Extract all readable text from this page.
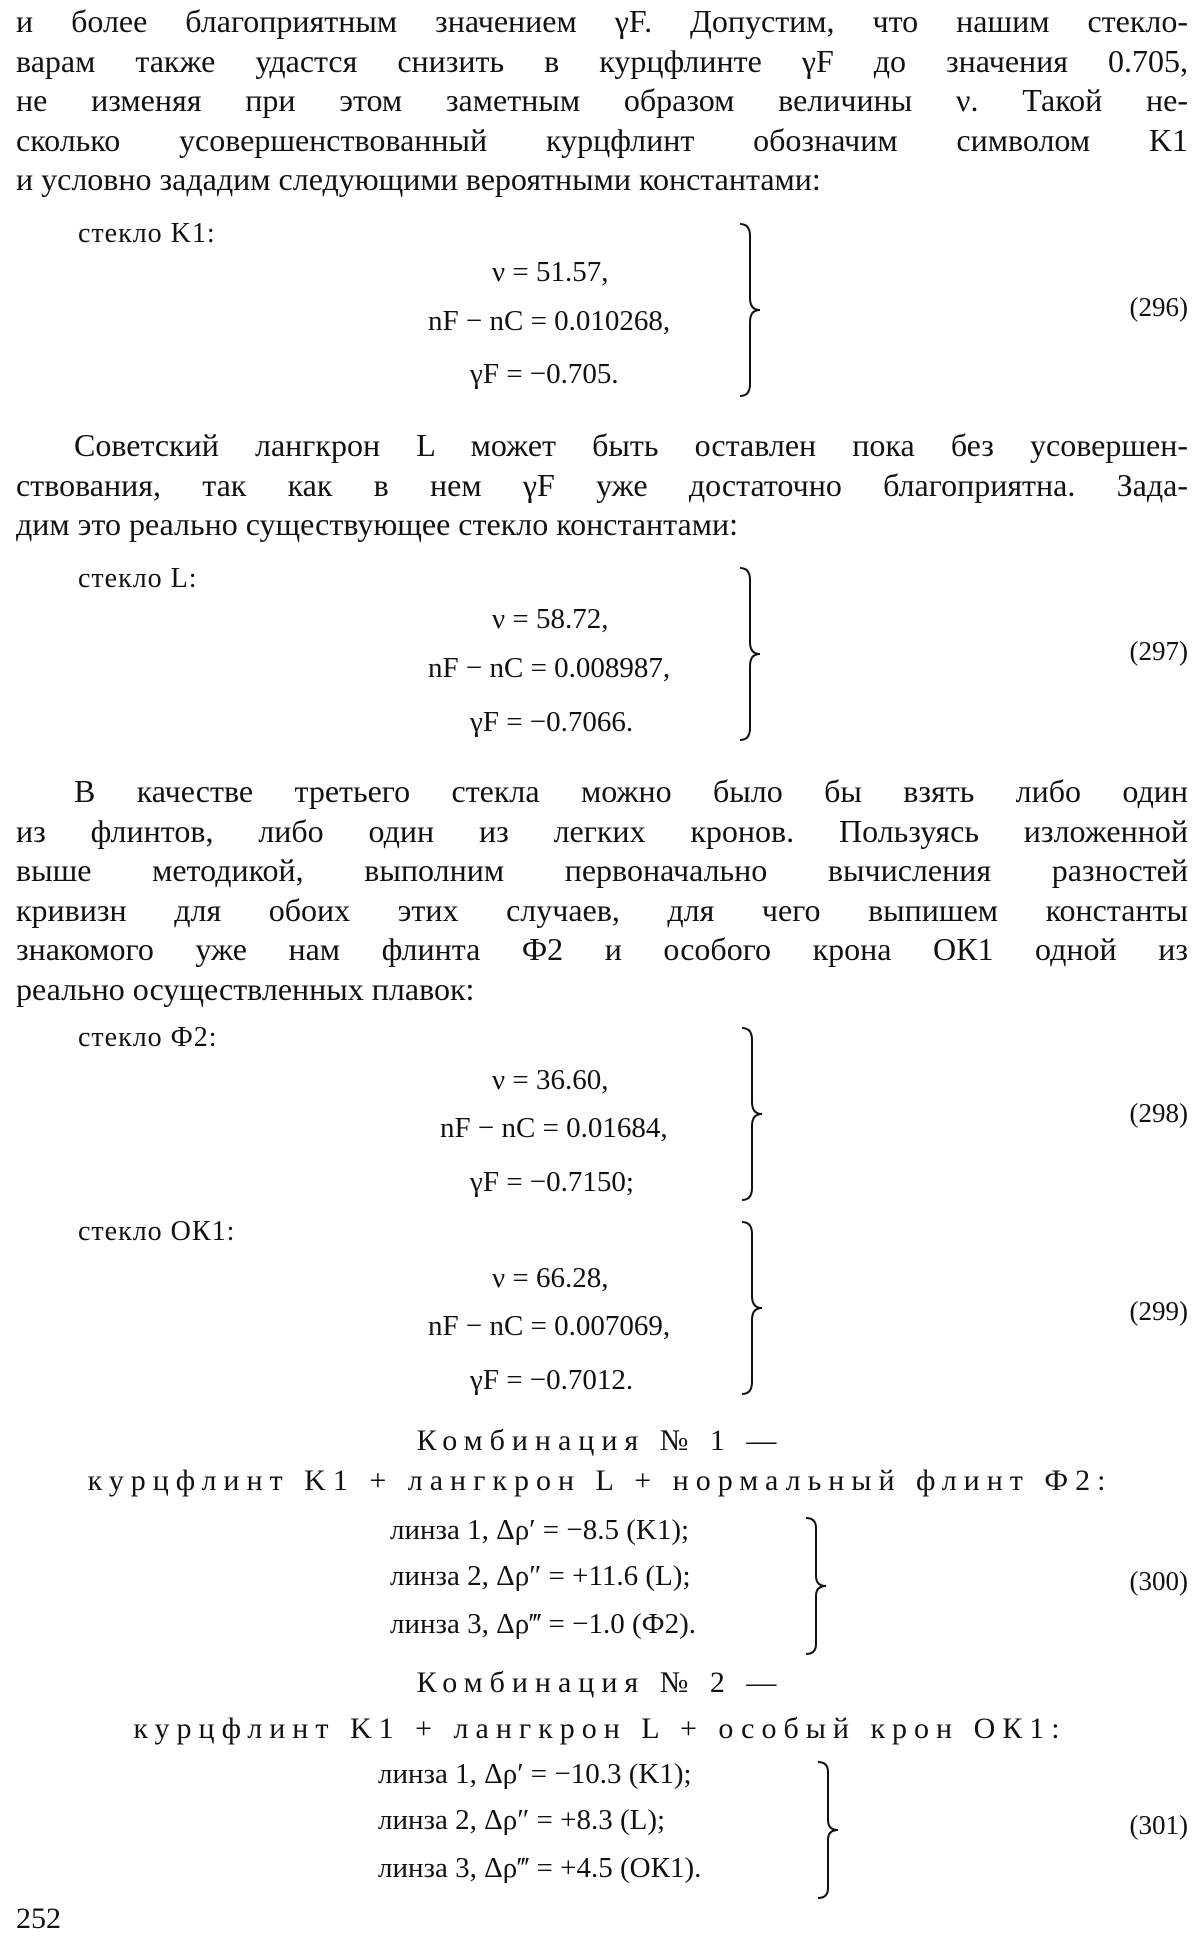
и более благоприятным значением γF. Допустим, что нашим стекло-
варам также удастся снизить в курцфлинте γF до значения 0.705,
не изменяя при этом заметным образом величины ν. Такой не-
сколько усовершенствованный курцфлинт обозначим символом K1
и условно зададим следующими вероятными константами:
стекло K1:
ν = 51.57,
nF − nC = 0.010268,
γF = −0.705.
(296)
Советский лангкрон L может быть оставлен пока без усовершен-
ствования, так как в нем γF уже достаточно благоприятна. Зада-
дим это реально существующее стекло константами:
стекло L:
ν = 58.72,
nF − nC = 0.008987,
γF = −0.7066.
(297)
В качестве третьего стекла можно было бы взять либо один
из флинтов, либо один из легких кронов. Пользуясь изложенной
выше методикой, выполним первоначально вычисления разностей
кривизн для обоих этих случаев, для чего выпишем константы
знакомого уже нам флинта Ф2 и особого крона ОК1 одной из
реально осуществленных плавок:
стекло Ф2:
ν = 36.60,
nF − nC = 0.01684,
γF = −0.7150;
(298)
стекло ОК1:
ν = 66.28,
nF − nC = 0.007069,
γF = −0.7012.
(299)
Комбинация № 1 —
курцфлинт K1 + лангкрон L + нормальный флинт Ф2:
линза 1, Δρ′ = −8.5 (K1);
линза 2, Δρ″ = +11.6 (L);
линза 3, Δρ‴ = −1.0 (Ф2).
(300)
Комбинация № 2 —
курцфлинт K1 + лангкрон L + особый крон ОК1:
линза 1, Δρ′ = −10.3 (K1);
линза 2, Δρ″ = +8.3 (L);
линза 3, Δρ‴ = +4.5 (ОК1).
(301)
252
